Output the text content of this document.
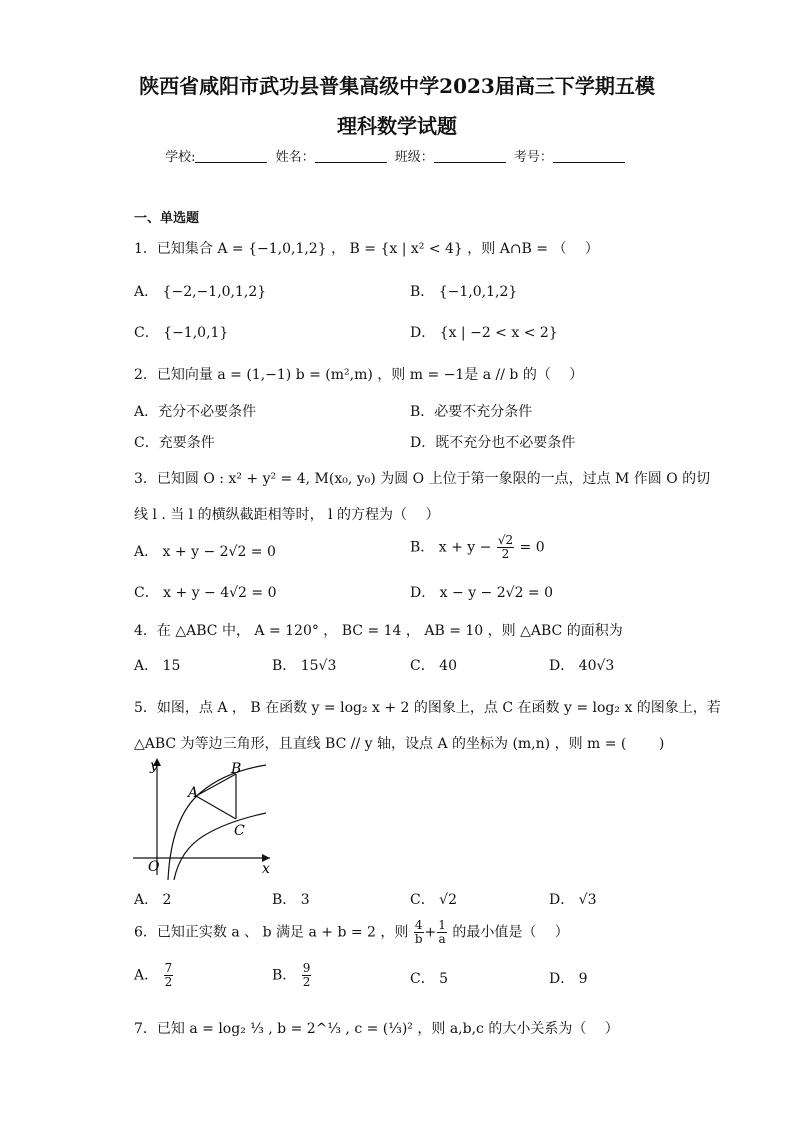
陕西省咸阳市武功县普集高级中学2023届高三下学期五模
理科数学试题
学校:	姓名：	班级：	考号：
一、单选题
1．已知集合 A = {−1,0,1,2} ， B = {x | x² < 4} ，则 A∩B = （　 ）
A． {−2,−1,0,1,2}	B． {−1,0,1,2}
C． {−1,0,1}	D． {x | −2 < x < 2}
2．已知向量 a = (1,−1) b = (m²,m) ，则 m = −1是 a // b 的（　 ）
A．充分不必要条件	B．必要不充分条件
C．充要条件	D．既不充分也不必要条件
3．已知圆 O : x² + y² = 4, M(x₀, y₀) 为圆 O 上位于第一象限的一点，过点 M 作圆 O 的切
线 l . 当 l 的横纵截距相等时， l 的方程为（　 ）
A． x + y − 2√2 = 0	B． $x + y - \frac{√2}{2} = 0$
C． x + y − 4√2 = 0	D． x − y − 2√2 = 0
4．在 △ABC 中， A = 120° ， BC = 14 ， AB = 10 ，则 △ABC 的面积为
A． 15	B． 15√3	C． 40	D． 40√3
5．如图，点 A ， B 在函数 y = log₂ x + 2 的图象上，点 C 在函数 y = log₂ x 的图象上，若
△ABC 为等边三角形，且直线 BC // y 轴，设点 A 的坐标为 (m,n) ，则 m = (　　 )
y
x
O
A
B
C
A． 2	B． 3	C． √2	D． √3
6．已知正实数 a 、 b 满足 a + b = 2 ，则 $\frac{4}{b} + \frac{1}{a}$ 的最小值是（　 ）
A． $\frac{7}{2}$	B． $\frac{9}{2}$	C． 5	D． 9
7．已知 a = log₂ ⅓ , b = 2^⅓ , c = (⅓)² ，则 a,b,c 的大小关系为（　 ）
